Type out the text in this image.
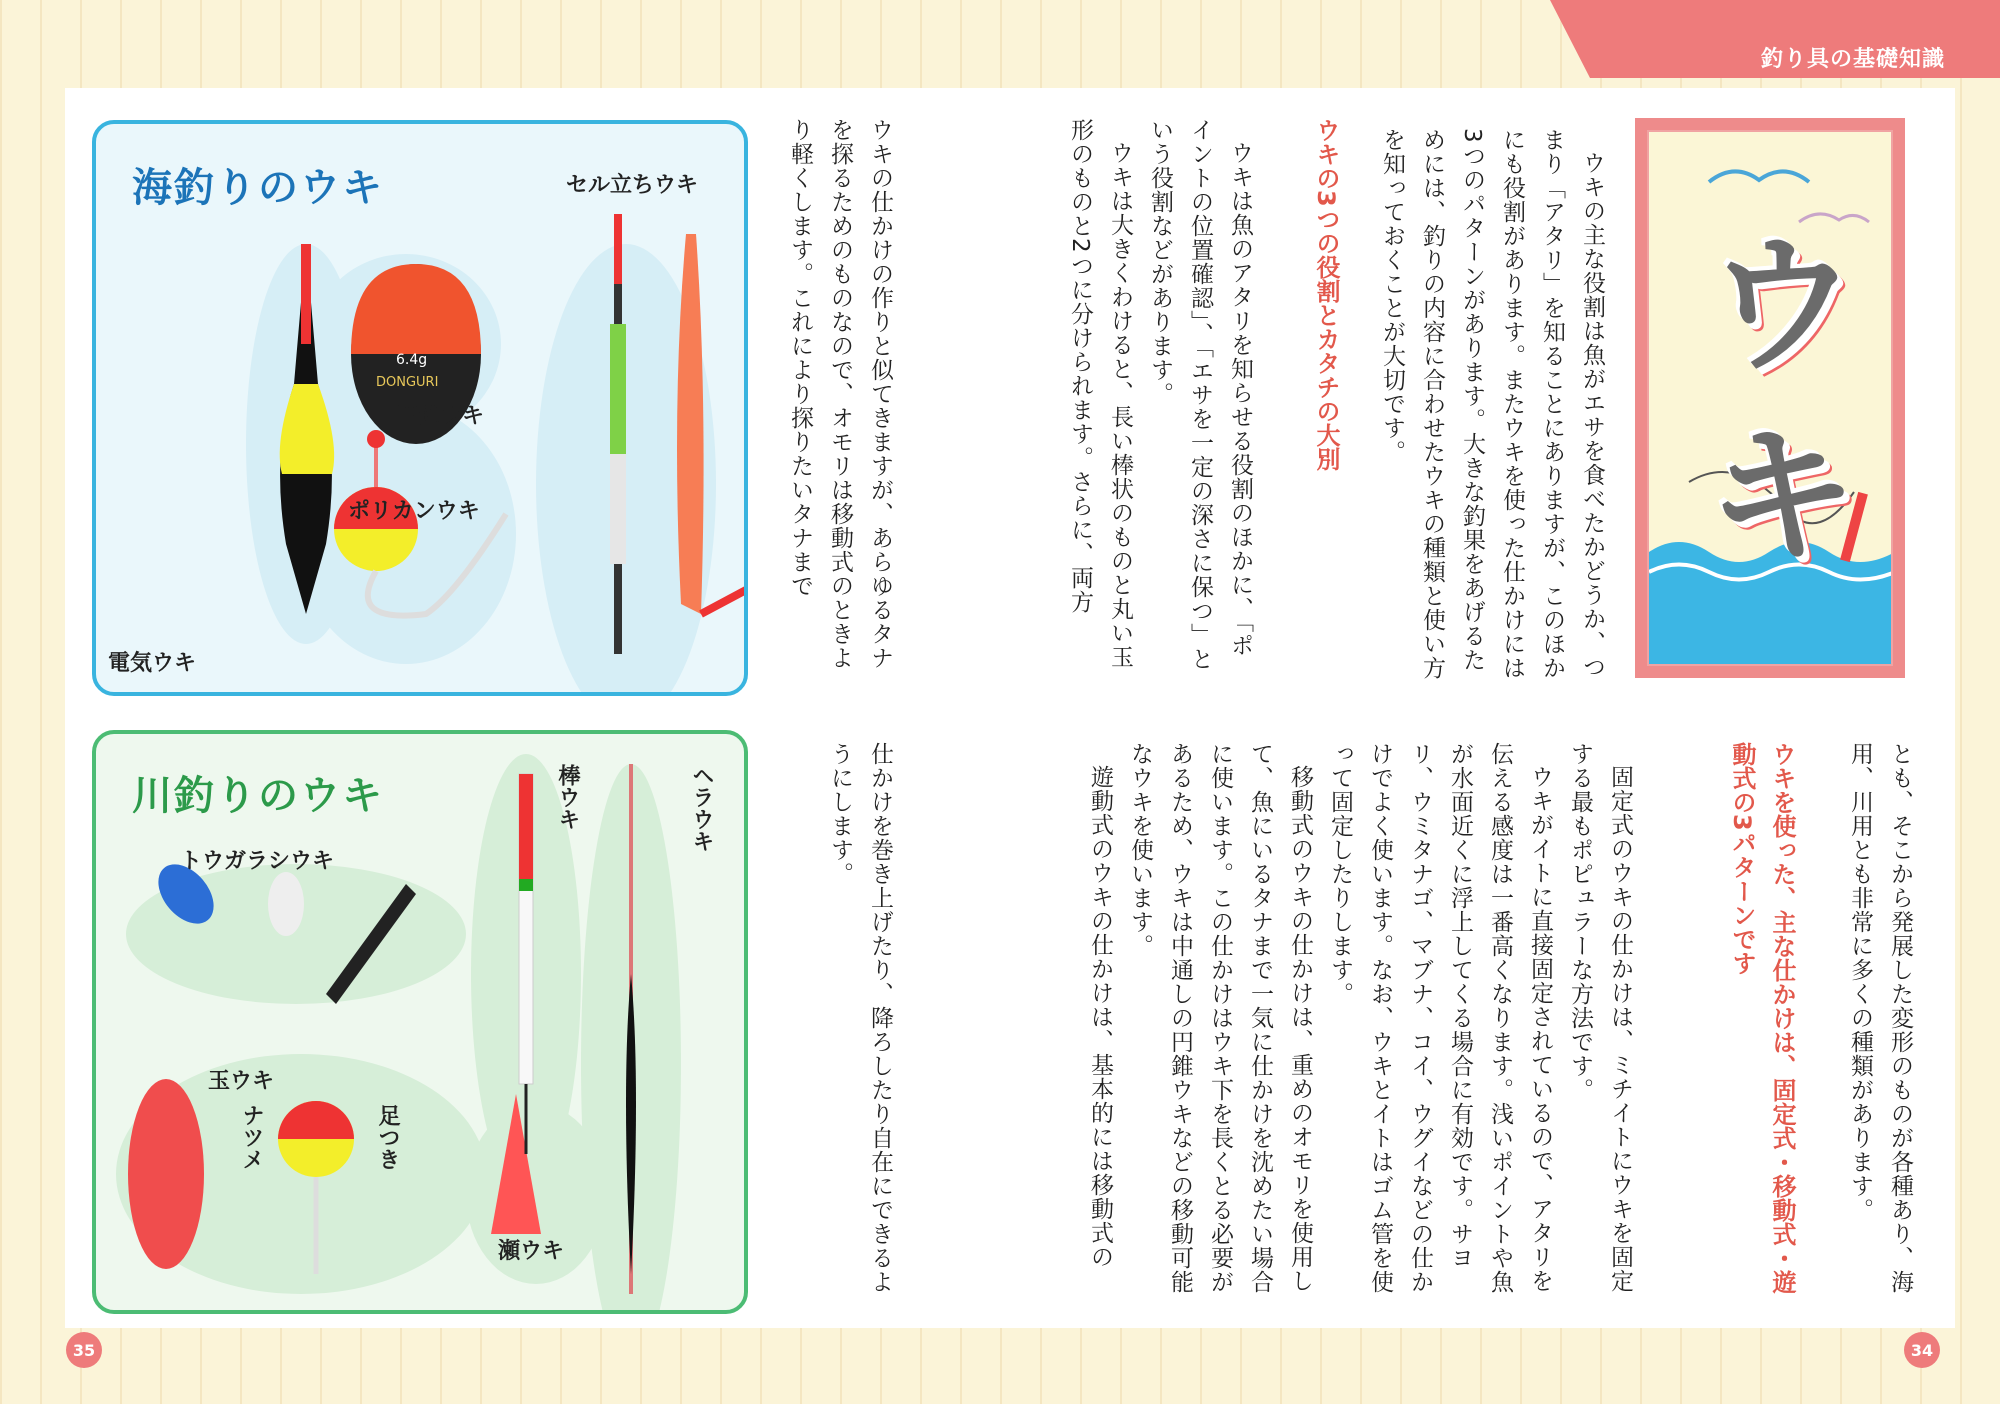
釣り具の基礎知識
35	34
ウキ

ウキの主な役割は魚がエサを食べたかどうか、つまり「アタリ」を知ることにありますが、このほかにも役割があります。またウキを使った仕かけには3つのパターンがあります。大きな釣果をあげるためには、釣りの内容に合わせたウキの種類と使い方を知っておくことが大切です。

とも、そこから発展した変形のものが各種あり、海用、川用とも非常に多くの種類があります。

ウキを使った、主な仕かけは、固定式・移動式・遊動式の3パターンです

固定式のウキの仕かけは、ミチイトにウキを固定する最もポピュラーな方法です。

ウキがイトに直接固定されているので、アタリを伝える感度は一番高くなります。浅いポイントや魚が水面近くに浮上してくる場合に有効です。サヨリ、ウミタナゴ、マブナ、コイ、ウグイなどの仕かけでよく使います。なお、ウキとイトはゴム管を使って固定したりします。

移動式のウキの仕かけは、重めのオモリを使用して、魚にいるタナまで一気に仕かけを沈めたい場合に使います。この仕かけはウキ下を長くとる必要があるため、ウキは中通しの円錐ウキなどの移動可能なウキを使います。

遊動式のウキの仕かけは、基本的には移動式の

ウキの3つの役割とカタチの大別

ウキは魚のアタリを知らせる役割のほかに、「ポイントの位置確認」、「エサを一定の深さに保つ」という役割などがあります。

ウキは大きくわけると、長い棒状のものと丸い玉形のものと2つに分けられます。さらに、両方

ウキの仕かけの作りと似てきますが、あらゆるタナを探るためのものなので、オモリは移動式のときより軽くします。これにより探りたいタナまで

仕かけを巻き上げたり、降ろしたり自在にできるようにします。

海釣りのウキ
6.4g
DONGURI
セル立ちウキ
円錐ウキ
ポリカンウキ
電気ウキ
川釣りのウキ
トウガラシウキ
棒ウキ	ヘラウキ
玉ウキ
ナツメ	足つき
瀬ウキ
